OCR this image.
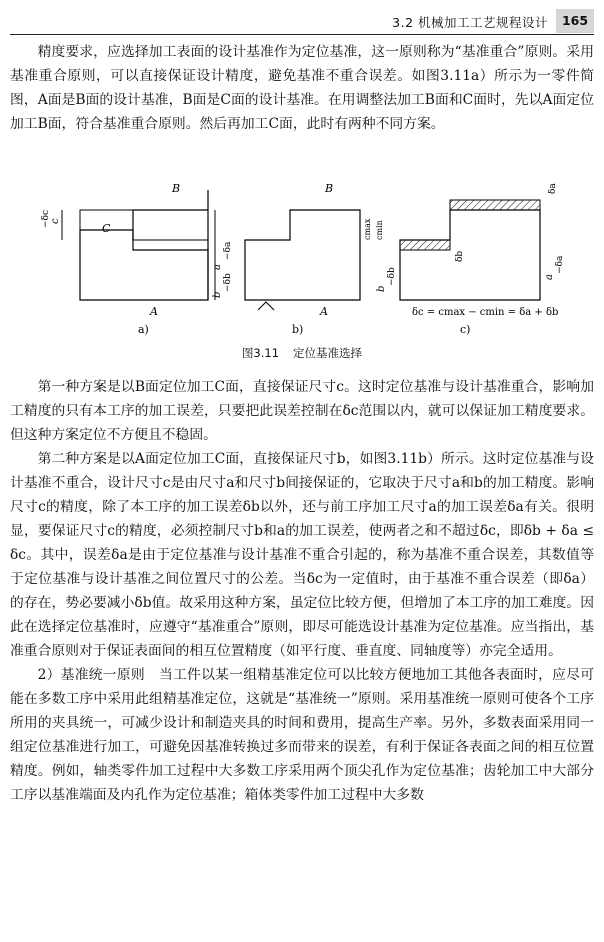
3.2 机械加工工艺规程设计	165

精度要求，应选择加工表面的设计基准作为定位基准，这一原则称为“基准重合”原则。采用基准重合原则，可以直接保证设计精度，避免基准不重合误差。如图3.11a）所示为一零件简图，A面是B面的设计基准，B面是C面的设计基准。在用调整法加工B面和C面时，先以A面定位加工B面，符合基准重合原则。然后再加工C面，此时有两种不同方案。

−δc c
C
B
A
a
−δa
b
−δb
a)
B
A
b)
cmax cmin
δa
δb
a
−δa
b
−δb
δc = cmax − cmin = δa + δb
c)
图3.11 定位基准选择

第一种方案是以B面定位加工C面，直接保证尺寸c。这时定位基准与设计基准重合，影响加工精度的只有本工序的加工误差，只要把此误差控制在δc范围以内，就可以保证加工精度要求。但这种方案定位不方便且不稳固。

第二种方案是以A面定位加工C面，直接保证尺寸b，如图3.11b）所示。这时定位基准与设计基准不重合，设计尺寸c是由尺寸a和尺寸b间接保证的，它取决于尺寸a和b的加工精度。影响尺寸c的精度，除了本工序的加工误差δb以外，还与前工序加工尺寸a的加工误差δa有关。很明显，要保证尺寸c的精度，必须控制尺寸b和a的加工误差，使两者之和不超过δc，即δb + δa ≤ δc。其中，误差δa是由于定位基准与设计基准不重合引起的，称为基准不重合误差，其数值等于定位基准与设计基准之间位置尺寸的公差。当δc为一定值时，由于基准不重合误差（即δa）的存在，势必要减小δb值。故采用这种方案，虽定位比较方便，但增加了本工序的加工难度。因此在选择定位基准时，应遵守“基准重合”原则，即尽可能选设计基准为定位基准。应当指出，基准重合原则对于保证表面间的相互位置精度（如平行度、垂直度、同轴度等）亦完全适用。

2）基准统一原则　当工件以某一组精基准定位可以比较方便地加工其他各表面时，应尽可能在多数工序中采用此组精基准定位，这就是“基准统一”原则。采用基准统一原则可使各个工序所用的夹具统一，可减少设计和制造夹具的时间和费用，提高生产率。另外，多数表面采用同一组定位基准进行加工，可避免因基准转换过多而带来的误差，有利于保证各表面之间的相互位置精度。例如，轴类零件加工过程中大多数工序采用两个顶尖孔作为定位基准；齿轮加工中大部分工序以基准端面及内孔作为定位基准；箱体类零件加工过程中大多数
